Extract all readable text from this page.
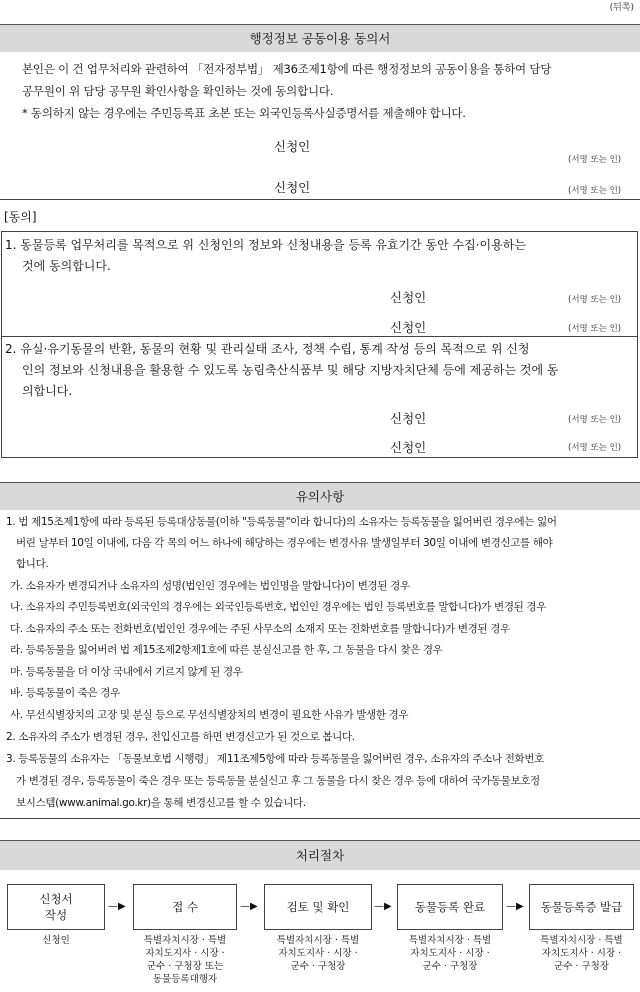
(뒤쪽)
행정정보 공동이용 동의서
본인은 이 건 업무처리와 관련하여 「전자정부법」 제36조제1항에 따른 행정정보의 공동이용을 통하여 담당
공무원이 위 담당 공무원 확인사항을 확인하는 것에 동의합니다.
* 동의하지 않는 경우에는 주민등록표 초본 또는 외국인등록사실증명서를 제출해야 합니다.
신청인
(서명 또는 인)
신청인	(서명 또는 인)
[동의]
1. 동물등록 업무처리를 목적으로 위 신청인의 정보와 신청내용을 등록 유효기간 동안 수집·이용하는
것에 동의합니다.
신청인	(서명 또는 인)
신청인	(서명 또는 인)
2. 유실·유기동물의 반환, 동물의 현황 및 관리실태 조사, 정책 수립, 통계 작성 등의 목적으로 위 신청
인의 정보와 신청내용을 활용할 수 있도록 농림축산식품부 및 해당 지방자치단체 등에 제공하는 것에 동
의합니다.
신청인	(서명 또는 인)
신청인	(서명 또는 인)
유의사항
1. 법 제15조제1항에 따라 등록된 등록대상동물(이하 "등록동물"이라 합니다)의 소유자는 등록동물을 잃어버린 경우에는 잃어
버린 날부터 10일 이내에, 다음 각 목의 어느 하나에 해당하는 경우에는 변경사유 발생일부터 30일 이내에 변경신고를 해야
합니다.
가. 소유자가 변경되거나 소유자의 성명(법인인 경우에는 법인명을 말합니다)이 변경된 경우
나. 소유자의 주민등록번호(외국인의 경우에는 외국인등록번호, 법인인 경우에는 법인 등록번호를 말합니다)가 변경된 경우
다. 소유자의 주소 또는 전화번호(법인인 경우에는 주된 사무소의 소재지 또는 전화번호를 말합니다)가 변경된 경우
라. 등록동물을 잃어버려 법 제15조제2항제1호에 따른 분실신고를 한 후, 그 동물을 다시 찾은 경우
마. 등록동물을 더 이상 국내에서 기르지 않게 된 경우
바. 등록동물이 죽은 경우
사. 무선식별장치의 고장 및 분실 등으로 무선식별장치의 변경이 필요한 사유가 발생한 경우
2. 소유자의 주소가 변경된 경우, 전입신고를 하면 변경신고가 된 것으로 봅니다.
3. 등록동물의 소유자는 「동물보호법 시행령」 제11조제5항에 따라 등록동물을 잃어버린 경우, 소유자의 주소나 전화번호
가 변경된 경우, 등록동물이 죽은 경우 또는 등록동물 분실신고 후 그 동물을 다시 찾은 경우 등에 대하여 국가동물보호정
보시스템(www.animal.go.kr)을 통해 변경신고를 할 수 있습니다.
처리절차
신청서
작성
—▶	접 수	—▶	검토 및 확인 —▶ 동물등록 완료 —▶ 동물등록증 발급
신청인	특별자치시장 · 특별
자치도지사 · 시장 ·
군수 · 구청장 또는
동물등록대행자
특별자치시장 · 특별
자치도지사 · 시장 ·
군수 · 구청장
특별자치시장 · 특별
자치도지사 · 시장 ·
군수 · 구청장
특별자치시장 · 특별
자치도지사 · 시장 ·
군수 · 구청장
